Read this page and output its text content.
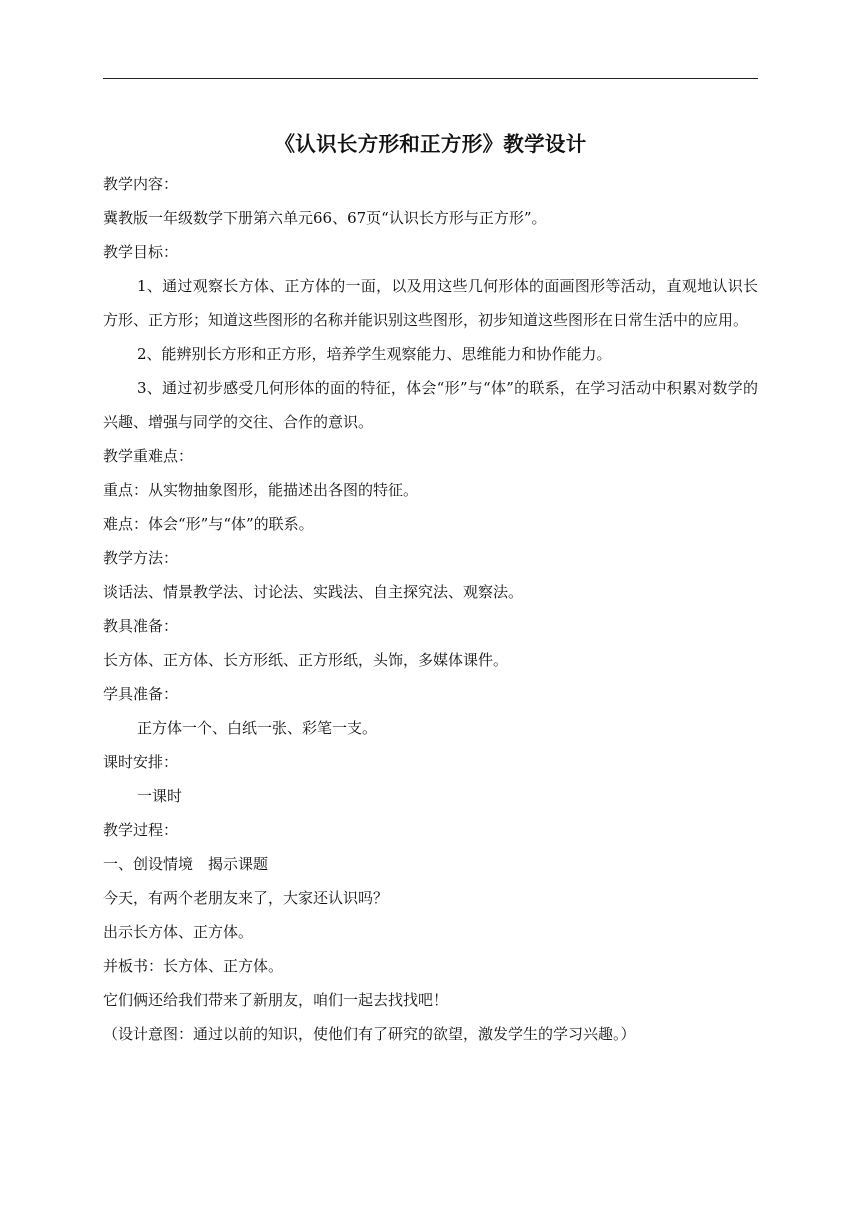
《认识长方形和正方形》教学设计

教学内容：

冀教版一年级数学下册第六单元66、67页“认识长方形与正方形”。

教学目标：

1、通过观察长方体、正方体的一面，以及用这些几何形体的面画图形等活动，直观地认识长方形、正方形；知道这些图形的名称并能识别这些图形，初步知道这些图形在日常生活中的应用。

2、能辨别长方形和正方形，培养学生观察能力、思维能力和协作能力。

3、通过初步感受几何形体的面的特征，体会“形”与“体”的联系，在学习活动中积累对数学的兴趣、增强与同学的交往、合作的意识。

教学重难点：

重点：从实物抽象图形，能描述出各图的特征。

难点：体会“形”与“体”的联系。

教学方法：

谈话法、情景教学法、讨论法、实践法、自主探究法、观察法。

教具准备：

长方体、正方体、长方形纸、正方形纸，头饰，多媒体课件。

学具准备：

正方体一个、白纸一张、彩笔一支。

课时安排：

一课时

教学过程：

一、创设情境　揭示课题

今天，有两个老朋友来了，大家还认识吗？

出示长方体、正方体。

并板书：长方体、正方体。

它们俩还给我们带来了新朋友，咱们一起去找找吧！

（设计意图：通过以前的知识，使他们有了研究的欲望，激发学生的学习兴趣。）
